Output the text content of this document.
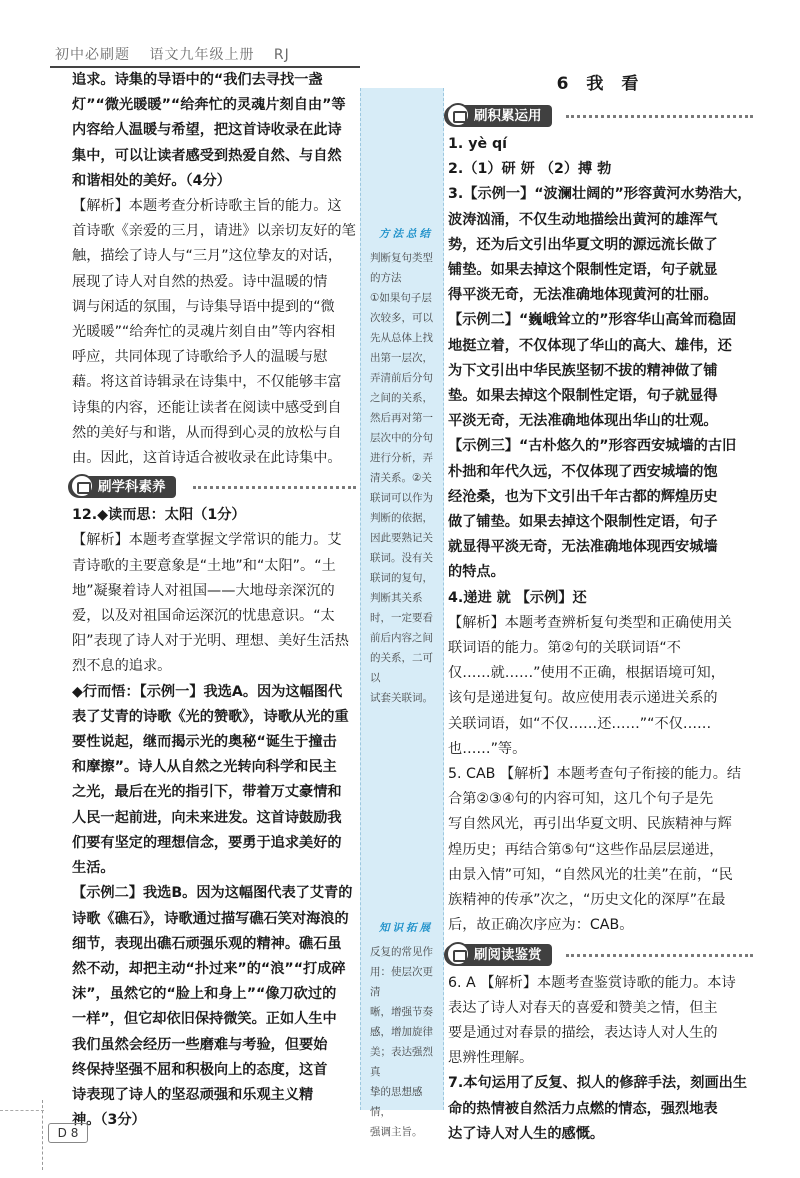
初中必刷题 语文九年级上册 RJ
追求。诗集的导语中的“我们去寻找一盏
灯”“微光暖暖”“给奔忙的灵魂片刻自由”等
内容给人温暖与希望，把这首诗收录在此诗
集中，可以让读者感受到热爱自然、与自然
和谐相处的美好。（4分）
【解析】本题考查分析诗歌主旨的能力。这
首诗歌《亲爱的三月，请进》以亲切友好的笔
触，描绘了诗人与“三月”这位挚友的对话，
展现了诗人对自然的热爱。诗中温暖的情
调与闲适的氛围，与诗集导语中提到的“微
光暖暖”“给奔忙的灵魂片刻自由”等内容相
呼应，共同体现了诗歌给予人的温暖与慰
藉。将这首诗辑录在诗集中，不仅能够丰富
诗集的内容，还能让读者在阅读中感受到自
然的美好与和谐，从而得到心灵的放松与自
由。因此，这首诗适合被收录在此诗集中。
刷学科素养
12.◆读而思：太阳（1分）
【解析】本题考查掌握文学常识的能力。艾
青诗歌的主要意象是“土地”和“太阳”。“土
地”凝聚着诗人对祖国——大地母亲深沉的
爱，以及对祖国命运深沉的忧患意识。“太
阳”表现了诗人对于光明、理想、美好生活热
烈不息的追求。
◆行而悟：【示例一】我选A。因为这幅图代
表了艾青的诗歌《光的赞歌》，诗歌从光的重
要性说起，继而揭示光的奥秘“诞生于撞击
和摩擦”。诗人从自然之光转向科学和民主
之光，最后在光的指引下，带着万丈豪情和
人民一起前进，向未来进发。这首诗鼓励我
们要有坚定的理想信念，要勇于追求美好的
生活。
【示例二】我选B。因为这幅图代表了艾青的
诗歌《礁石》，诗歌通过描写礁石笑对海浪的
细节，表现出礁石顽强乐观的精神。礁石虽
然不动，却把主动“扑过来”的“浪”“打成碎
沫”，虽然它的“脸上和身上”“像刀砍过的
一样”，但它却依旧保持微笑。正如人生中
我们虽然会经历一些磨难与考验，但要始
终保持坚强不屈和积极向上的态度，这首
诗表现了诗人的坚忍顽强和乐观主义精
神。（3分）
方法总结
判断复句类型
的方法
①如果句子层
次较多，可以
先从总体上找
出第一层次，
弄清前后分句
之间的关系，
然后再对第一
层次中的分句
进行分析，弄
清关系。②关
联词可以作为
判断的依据，
因此要熟记关
联词。没有关
联词的复句，
判断其关系
时，一定要看
前后内容之间
的关系，二可以
试套关联词。
知识拓展
反复的常见作
用：使层次更清
晰，增强节奏
感，增加旋律
美；表达强烈真
挚的思想感情，
强调主旨。
6 我 看
刷积累运用
1. yè qí
2.（1）研 妍 （2）搏 勃
3.【示例一】“波澜壮阔的”形容黄河水势浩大，
波涛汹涌，不仅生动地描绘出黄河的雄浑气
势，还为后文引出华夏文明的源远流长做了
铺垫。如果去掉这个限制性定语，句子就显
得平淡无奇，无法准确地体现黄河的壮丽。
【示例二】“巍峨耸立的”形容华山高耸而稳固
地挺立着，不仅体现了华山的高大、雄伟，还
为下文引出中华民族坚韧不拔的精神做了铺
垫。如果去掉这个限制性定语，句子就显得
平淡无奇，无法准确地体现出华山的壮观。
【示例三】“古朴悠久的”形容西安城墙的古旧
朴拙和年代久远，不仅体现了西安城墙的饱
经沧桑，也为下文引出千年古都的辉煌历史
做了铺垫。如果去掉这个限制性定语，句子
就显得平淡无奇，无法准确地体现西安城墙
的特点。
4.递进 就 【示例】还
【解析】本题考查辨析复句类型和正确使用关
联词语的能力。第②句的关联词语“不
仅……就……”使用不正确，根据语境可知，
该句是递进复句。故应使用表示递进关系的
关联词语，如“不仅……还……”“不仅……
也……”等。
5. CAB 【解析】本题考查句子衔接的能力。结
合第②③④句的内容可知，这几个句子是先
写自然风光，再引出华夏文明、民族精神与辉
煌历史；再结合第⑤句“这些作品层层递进，
由景入情”可知，“自然风光的壮美”在前，“民
族精神的传承”次之，“历史文化的深厚”在最
后，故正确次序应为：CAB。
刷阅读鉴赏
6. A 【解析】本题考查鉴赏诗歌的能力。本诗
表达了诗人对春天的喜爱和赞美之情，但主
要是通过对春景的描绘，表达诗人对人生的
思辨性理解。
7.本句运用了反复、拟人的修辞手法，刻画出生
命的热情被自然活力点燃的情态，强烈地表
达了诗人对人生的感慨。
D 8
